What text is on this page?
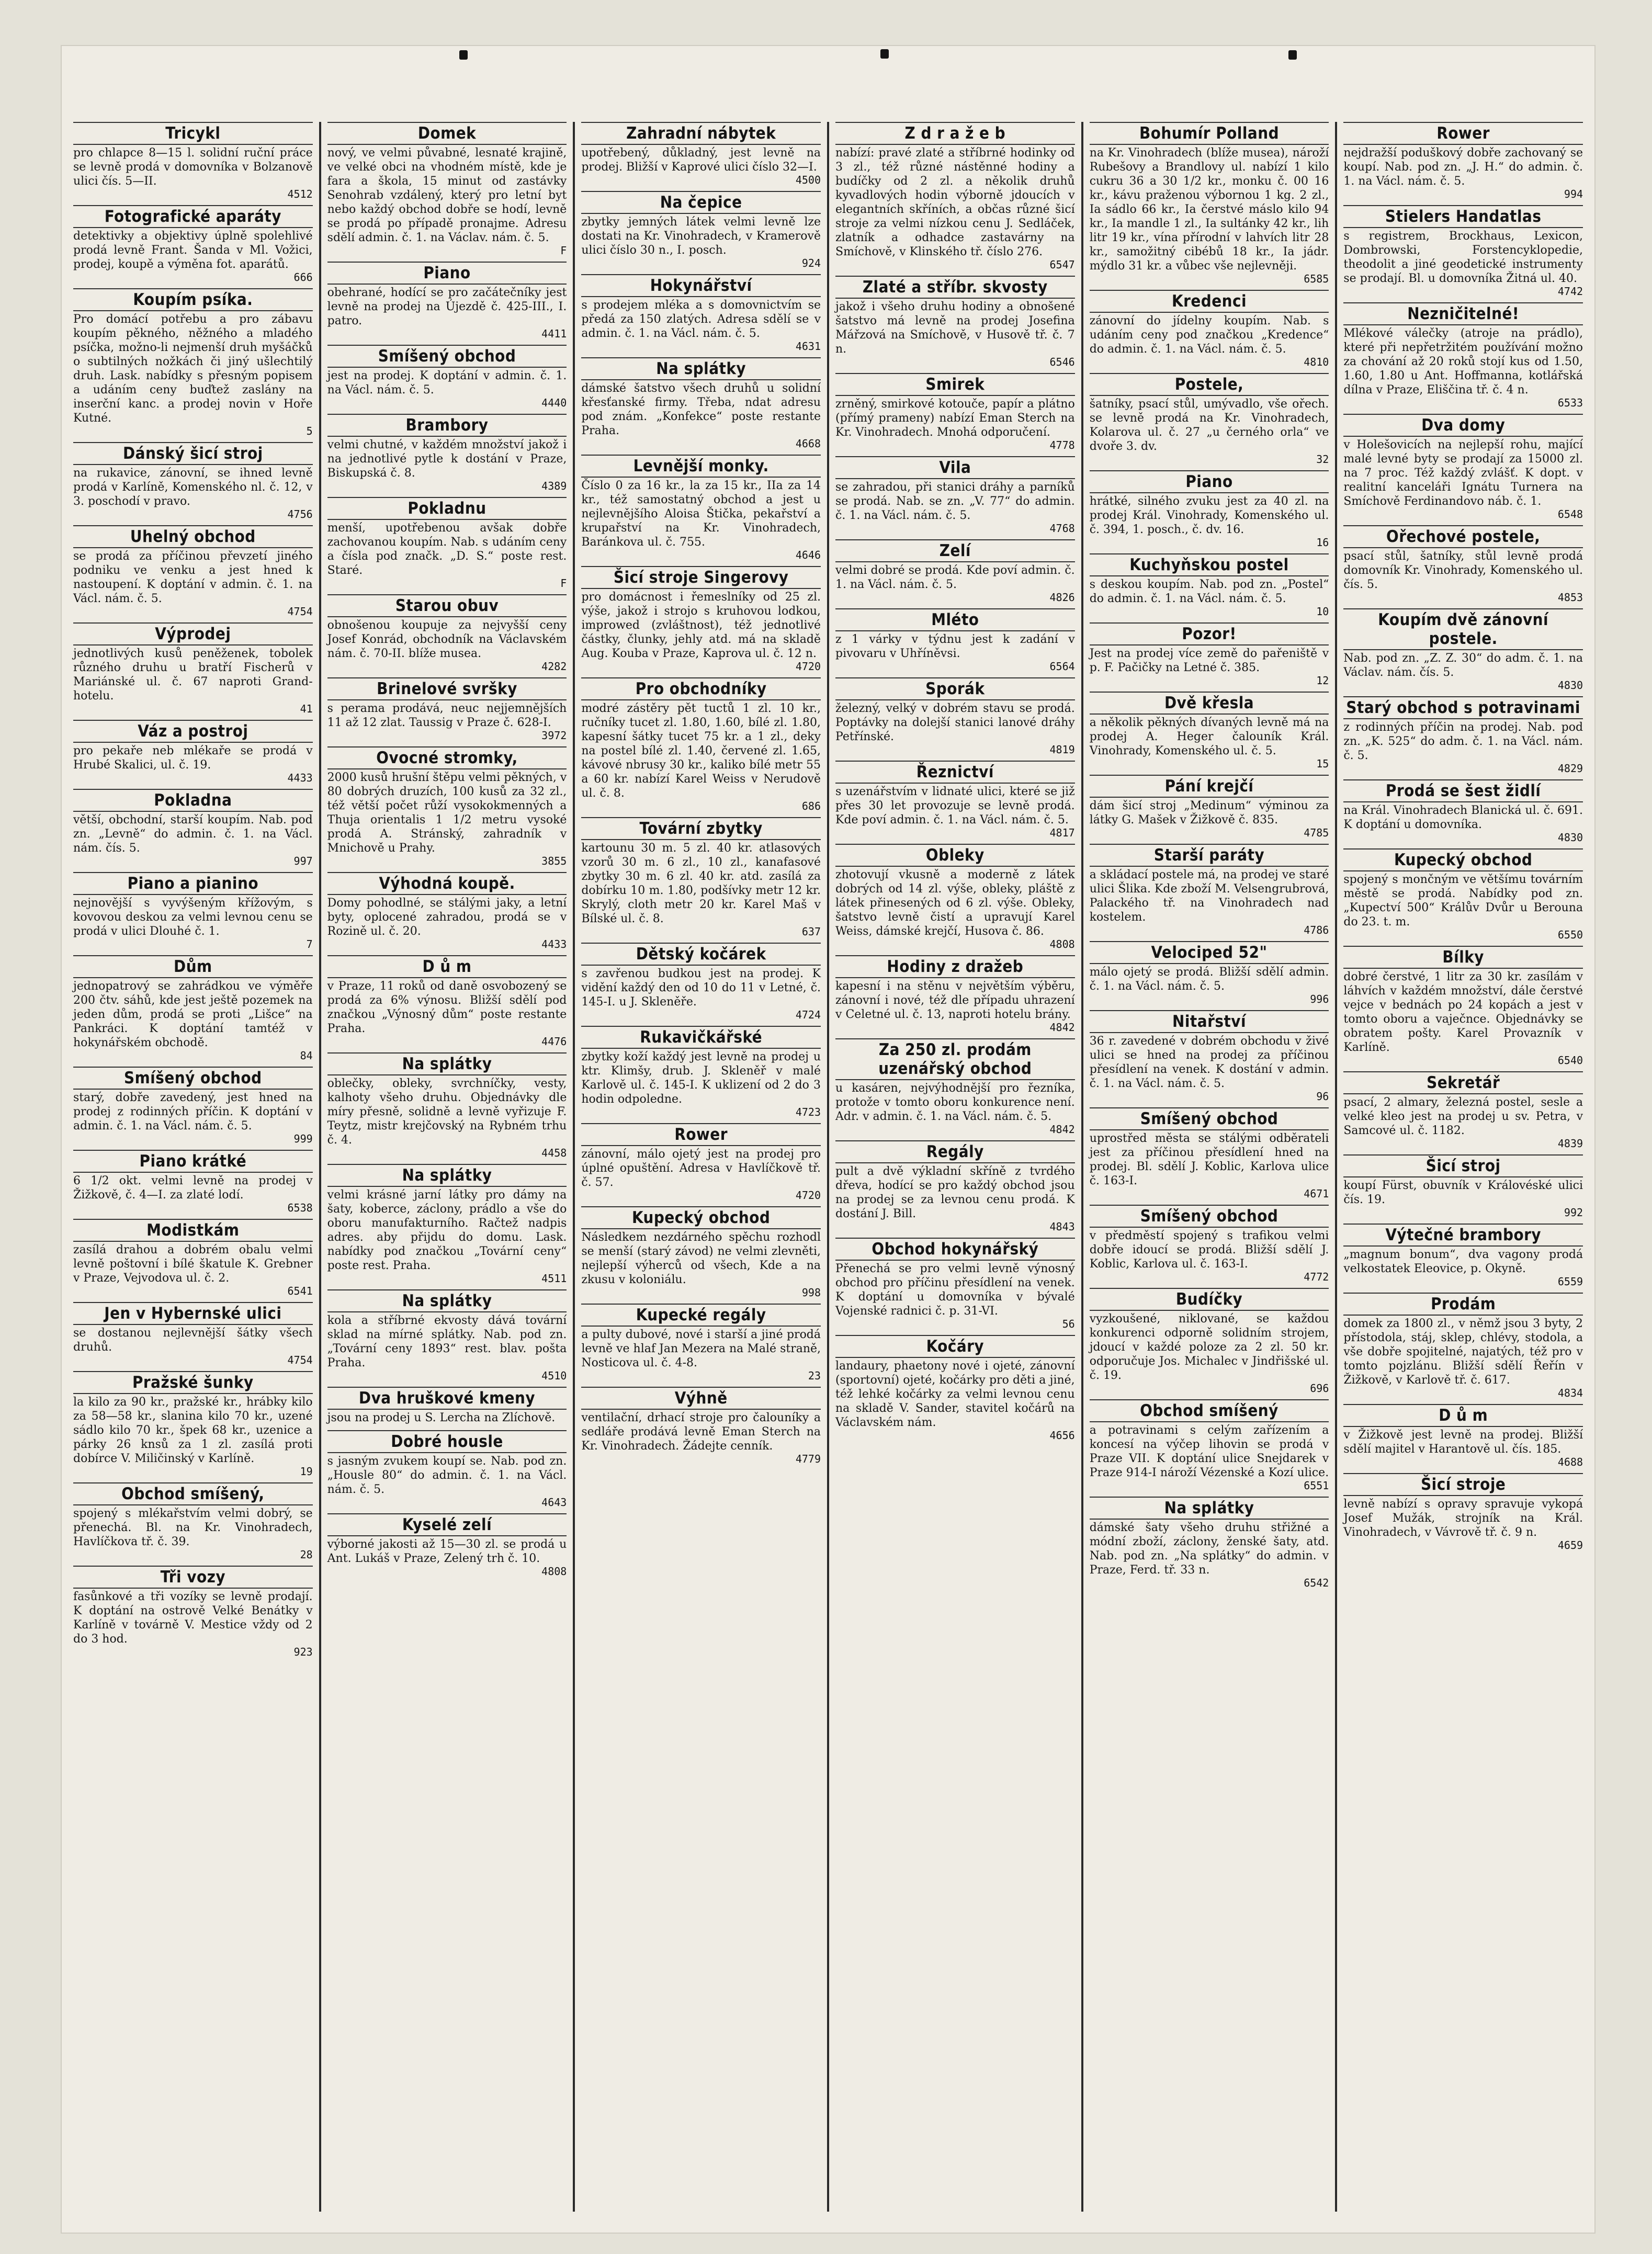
Tricykl

pro chlapce 8—15 l. solidní ruční práce se levně prodá v domovníka v Bolzanově ulici čís. 5—II.

4512
Fotografické aparáty

detektivky a objektivy úplně spolehlivé prodá levně Frant. Šanda v Ml. Vožici, prodej, koupě a výměna fot. aparátů.

666
Koupím psíka.

Pro domácí potřebu a pro zábavu koupím pěkného, něžného a mladého psíčka, možno-li nejmenší druh myšáčků o subtilných nožkách či jiný ušlechtilý druh. Lask. nabídky s přesným popisem a udáním ceny buďtež zaslány na inserční kanc. a prodej novin v Hoře Kutné.

5
Dánský šicí stroj

na rukavice, zánovní, se ihned levně prodá v Karlíně, Komenského nl. č. 12, v 3. poschodí v pravo.

4756
Uhelný obchod

se prodá za příčinou převzetí jiného podniku ve venku a jest hned k nastoupení. K doptání v admin. č. 1. na Václ. nám. č. 5.

4754
Výprodej

jednotlivých kusů peněženek, tobolek různého druhu u bratří Fischerů v Mariánské ul. č. 67 naproti Grand-hotelu.

41
Váz a postroj

pro pekaře neb mlékaře se prodá v Hrubé Skalici, ul. č. 19.

4433
Pokladna

větší, obchodní, starší koupím. Nab. pod zn. „Levně“ do admin. č. 1. na Václ. nám. čís. 5.

997
Piano a pianino

nejnovější s vyvýšeným křížovým, s kovovou deskou za velmi levnou cenu se prodá v ulici Dlouhé č. 1.

7
Dům

jednopatrový se zahrádkou ve výměře 200 čtv. sáhů, kde jest ještě pozemek na jeden dům, prodá se proti „Lišce“ na Pankráci. K doptání tamtéž v hokynářském obchodě.

84
Smíšený obchod

starý, dobře zavedený, jest hned na prodej z rodinných příčin. K doptání v admin. č. 1. na Václ. nám. č. 5.

999
Piano krátké

6 1/2 okt. velmi levně na prodej v Žižkově, č. 4—I. za zlaté lodí.

6538
Modistkám

zasílá drahou a dobrém obalu velmi levně poštovní i bílé škatule K. Grebner v Praze, Vejvodova ul. č. 2.

6541
Jen v Hybernské ulici

se dostanou nejlevnější šátky všech druhů.

4754
Pražské šunky

la kilo za 90 kr., pražské kr., hrábky kilo za 58—58 kr., slanina kilo 70 kr., uzené sádlo kilo 70 kr., špek 68 kr., uzenice a párky 26 knsů za 1 zl. zasílá proti dobírce V. Miličinský v Karlíně.

19
Obchod smíšený,

spojený s mlékařstvím velmi dobrý, se přenechá. Bl. na Kr. Vinohradech, Havlíčkova tř. č. 39.

28
Tři vozy

fasůnkové a tři vozíky se levně prodají. K doptání na ostrově Velké Benátky v Karlíně v továrně V. Mestice vždy od 2 do 3 hod.

923
Domek

nový, ve velmi půvabné, lesnaté krajině, ve velké obci na vhodném místě, kde je fara a škola, 15 minut od zastávky Senohrab vzdálený, který pro letní byt nebo každý obchod dobře se hodí, levně se prodá po případě pronajme. Adresu sdělí admin. č. 1. na Václav. nám. č. 5.

F
Piano

obehrané, hodící se pro začátečníky jest levně na prodej na Újezdě č. 425-III., I. patro.

4411
Smíšený obchod

jest na prodej. K doptání v admin. č. 1. na Václ. nám. č. 5.

4440
Brambory

velmi chutné, v každém množství jakož i na jednotlivé pytle k dostání v Praze, Biskupská č. 8.

4389
Pokladnu

menší, upotřebenou avšak dobře zachovanou koupím. Nab. s udáním ceny a čísla pod značk. „D. S.“ poste rest. Staré.

F
Starou obuv

obnošenou koupuje za nejvyšší ceny Josef Konrád, obchodník na Václavském nám. č. 70-II. blíže musea.

4282
Brinelové svršky

s perama prodává, neuc nejjemnějších 11 až 12 zlat. Taussig v Praze č. 628-I.

3972
Ovocné stromky,

2000 kusů hrušní štěpu velmi pěkných, v 80 dobrých druzích, 100 kusů za 32 zl., též větší počet růží vysokokmenných a Thuja orientalis 1 1/2 metru vysoké prodá A. Stránský, zahradník v Mnichově u Prahy.

3855
Výhodná koupě.

Domy pohodlné, se stálými jaky, a letní byty, oplocené zahradou, prodá se v Rozině ul. č. 20.

4433
D ů m

v Praze, 11 roků od daně osvobozený se prodá za 6% výnosu. Bližší sdělí pod značkou „Výnosný dům“ poste restante Praha.

4476
Na splátky

oblečky, obleky, svrchníčky, vesty, kalhoty všeho druhu. Objednávky dle míry přesně, solidně a levně vyřizuje F. Teytz, mistr krejčovský na Rybném trhu č. 4.

4458
Na splátky

velmi krásné jarní látky pro dámy na šaty, koberce, záclony, prádlo a vše do oboru manufakturního. Račtež nadpis adres. aby přijdu do domu. Lask. nabídky pod značkou „Tovární ceny“ poste rest. Praha.

4511
Na splátky

kola a stříbrné ekvosty dává tovární sklad na mírné splátky. Nab. pod zn. „Tovární ceny 1893“ rest. blav. pošta Praha.

4510
Dva hruškové kmeny

jsou na prodej u S. Lercha na Zlíchově.

Dobré housle

s jasným zvukem koupí se. Nab. pod zn. „Housle 80“ do admin. č. 1. na Václ. nám. č. 5.

4643
Kyselé zelí

výborné jakosti až 15—30 zl. se prodá u Ant. Lukáš v Praze, Zelený trh č. 10.

4808
Zahradní nábytek

upotřebený, důkladný, jest levně na prodej. Bližší v Kaprové ulici číslo 32—I.

4500
Na čepice

zbytky jemných látek velmi levně lze dostati na Kr. Vinohradech, v Kramerově ulici číslo 30 n., I. posch.

924
Hokynářství

s prodejem mléka a s domovnictvím se předá za 150 zlatých. Adresa sdělí se v admin. č. 1. na Václ. nám. č. 5.

4631
Na splátky

dámské šatstvo všech druhů u solidní křesťanské firmy. Třeba, ndat adresu pod znám. „Konfekce“ poste restante Praha.

4668
Levnější monky.

Číslo 0 za 16 kr., la za 15 kr., IIa za 14 kr., též samostatný obchod a jest u nejlevnějšího Aloisa Štička, pekařství a krupařství na Kr. Vinohradech, Baránkova ul. č. 755.

4646
Šicí stroje Singerovy

pro domácnost i řemeslníky od 25 zl. výše, jakož i strojo s kruhovou lodkou, improwed (zvláštnost), též jednotlivé částky, člunky, jehly atd. má na skladě Aug. Kouba v Praze, Kaprova ul. č. 12 n.

4720
Pro obchodníky

modré zástěry pět tuctů 1 zl. 10 kr., ručníky tucet zl. 1.80, 1.60, bílé zl. 1.80, kapesní šátky tucet 75 kr. a 1 zl., deky na postel bílé zl. 1.40, červené zl. 1.65, kávové nbrusy 30 kr., kaliko bílé metr 55 a 60 kr. nabízí Karel Weiss v Nerudově ul. č. 8.

686
Tovární zbytky

kartounu 30 m. 5 zl. 40 kr. atlasových vzorů 30 m. 6 zl., 10 zl., kanafasové zbytky 30 m. 6 zl. 40 kr. atd. zasílá za dobírku 10 m. 1.80, podšívky metr 12 kr. Skrylý, cloth metr 20 kr. Karel Maš v Bílské ul. č. 8.

637
Dětský kočárek

s zavřenou budkou jest na prodej. K vidění každý den od 10 do 11 v Letné, č. 145-I. u J. Skleněře.

4724
Rukavičkářské

zbytky koží každý jest levně na prodej u ktr. Klimšy, drub. J. Skleněř v malé Karlově ul. č. 145-I. K uklizení od 2 do 3 hodin odpoledne.

4723
Rower

zánovní, málo ojetý jest na prodej pro úplné opuštění. Adresa v Havlíčkově tř. č. 57.

4720
Kupecký obchod

Následkem nezdárného spěchu rozhodl se menší (starý závod) ne velmi zlevněti, nejlepší výherců od všech, Kde a na zkusu v koloniálu.

998
Kupecké regály

a pulty dubové, nové i starší a jiné prodá levně ve hlaf Jan Mezera na Malé straně, Nosticova ul. č. 4-8.

23
Výhně

ventilační, drhací stroje pro čalouníky a sedláře prodává levně Eman Sterch na Kr. Vinohradech. Žádejte cenník.

4779
Z d r a ž e b

nabízí: pravé zlaté a stříbrné hodinky od 3 zl., též různé nástěnné hodiny a budíčky od 2 zl. a několik druhů kyvadlových hodin výborně jdoucích v elegantních skříních, a občas různé šicí stroje za velmi nízkou cenu J. Sedláček, zlatník a odhadce zastavárny na Smíchově, v Klinského tř. číslo 276.

6547
Zlaté a stříbr. skvosty

jakož i všeho druhu hodiny a obnošené šatstvo má levně na prodej Josefina Mářzová na Smíchově, v Husově tř. č. 7 n.

6546
Smirek

zrněný, smirkové kotouče, papír a plátno (přímý prameny) nabízí Eman Sterch na Kr. Vinohradech. Mnohá odporučení.

4778
Vila

se zahradou, při stanici dráhy a parníků se prodá. Nab. se zn. „V. 77“ do admin. č. 1. na Václ. nám. č. 5.

4768
Zelí

velmi dobré se prodá. Kde poví admin. č. 1. na Václ. nám. č. 5.

4826
Mléto

z 1 várky v týdnu jest k zadání v pivovaru v Uhříněvsi.

6564
Sporák

železný, velký v dobrém stavu se prodá. Poptávky na dolejší stanici lanové dráhy Petřínské.

4819
Řeznictví

s uzenářstvím v lidnaté ulici, které se již přes 30 let provozuje se levně prodá. Kde poví admin. č. 1. na Václ. nám. č. 5.

4817
Obleky

zhotovují vkusně a moderně z látek dobrých od 14 zl. výše, obleky, pláště z látek přinesených od 6 zl. výše. Obleky, šatstvo levně čistí a upravují Karel Weiss, dámské krejčí, Husova č. 86.

4808
Hodiny z dražeb

kapesní i na stěnu v největším výběru, zánovní i nové, též dle případu uhrazení v Celetné ul. č. 13, naproti hotelu brány.

4842
Za 250 zl. prodám uzenářský obchod

u kasáren, nejvýhodnější pro řezníka, protože v tomto oboru konkurence není. Adr. v admin. č. 1. na Václ. nám. č. 5.

4842
Regály

pult a dvě výkladní skříně z tvrdého dřeva, hodící se pro každý obchod jsou na prodej se za levnou cenu prodá. K dostání J. Bill.

4843
Obchod hokynářský

Přenechá se pro velmi levně výnosný obchod pro příčinu přesídlení na venek. K doptání u domovníka v bývalé Vojenské radnici č. p. 31-VI.

56
Kočáry

landaury, phaetony nové i ojeté, zánovní (sportovní) ojeté, kočárky pro děti a jiné, též lehké kočárky za velmi levnou cenu na skladě V. Sander, stavitel kočárů na Václavském nám.

4656
Bohumír Polland

na Kr. Vinohradech (blíže musea), nároží Rubešovy a Brandlovy ul. nabízí 1 kilo cukru 36 a 30 1/2 kr., monku č. 00 16 kr., kávu praženou výbornou 1 kg. 2 zl., Ia sádlo 66 kr., Ia čerstvé máslo kilo 94 kr., Ia mandle 1 zl., Ia sultánky 42 kr., lih litr 19 kr., vína přírodní v lahvích litr 28 kr., samožitný cibébů 18 kr., Ia jádr. mýdlo 31 kr. a vůbec vše nejlevněji.

6585
Kredenci

zánovní do jídelny koupím. Nab. s udáním ceny pod značkou „Kredence“ do admin. č. 1. na Václ. nám. č. 5.

4810
Postele,

šatníky, psací stůl, umývadlo, vše ořech. se levně prodá na Kr. Vinohradech, Kolarova ul. č. 27 „u černého orla“ ve dvoře 3. dv.

32
Piano

hrátké, silného zvuku jest za 40 zl. na prodej Král. Vinohrady, Komenského ul. č. 394, 1. posch., č. dv. 16.

16
Kuchyňskou postel

s deskou koupím. Nab. pod zn. „Postel“ do admin. č. 1. na Václ. nám. č. 5.

10
Pozor!

Jest na prodej více země do pařeniště v p. F. Pačičky na Letné č. 385.

12
Dvě křesla

a několik pěkných dívaných levně má na prodej A. Heger čalouník Král. Vinohrady, Komenského ul. č. 5.

15
Pání krejčí

dám šicí stroj „Medinum“ výminou za látky G. Mašek v Žižkově č. 835.

4785
Starší paráty

a skládací postele má, na prodej ve staré ulici Šlika. Kde zboží M. Velsengrubrová, Palackého tř. na Vinohradech nad kostelem.

4786
Velociped 52"

málo ojetý se prodá. Bližší sdělí admin. č. 1. na Václ. nám. č. 5.

996
Nitařství

36 r. zavedené v dobrém obchodu v živé ulici se hned na prodej za příčinou přesídlení na venek. K dostání v admin. č. 1. na Václ. nám. č. 5.

96
Smíšený obchod

uprostřed města se stálými odběrateli jest za příčinou přesídlení hned na prodej. Bl. sdělí J. Koblic, Karlova ulice č. 163-I.

4671
Smíšený obchod

v předměstí spojený s trafikou velmi dobře idoucí se prodá. Bližší sdělí J. Koblic, Karlova ul. č. 163-I.

4772
Budíčky

vyzkoušené, niklované, se každou konkurenci odporně solidním strojem, jdoucí v každé poloze za 2 zl. 50 kr. odporučuje Jos. Michalec v Jindřišské ul. č. 19.

696
Obchod smíšený

a potravinami s celým zařízením a koncesí na výčep lihovin se prodá v Praze VII. K doptání ulice Snejdarek v Praze 914-I nároží Vézenské a Kozí ulice.

6551
Na splátky

dámské šaty všeho druhu střižné a módní zboží, záclony, ženské šaty, atd. Nab. pod zn. „Na splátky“ do admin. v Praze, Ferd. tř. 33 n.

6542
Rower

nejdražší poduškový dobře zachovaný se koupí. Nab. pod zn. „J. H.“ do admin. č. 1. na Václ. nám. č. 5.

994
Stielers Handatlas

s registrem, Brockhaus, Lexicon, Dombrowski, Forstencyklopedie, theodolit a jiné geodetické instrumenty se prodají. Bl. u domovníka Žitná ul. 40.

4742
Nezničitelné!

Mlékové válečky (atroje na prádlo), které při nepřetržitém používání možno za chování až 20 roků stojí kus od 1.50, 1.60, 1.80 u Ant. Hoffmanna, kotlářská dílna v Praze, Eliščina tř. č. 4 n.

6533
Dva domy

v Holešovicích na nejlepší rohu, mající malé levné byty se prodají za 15000 zl. na 7 proc. Též každý zvlášť. K dopt. v realitní kanceláři Ignátu Turnera na Smíchově Ferdinandovo náb. č. 1.

6548
Ořechové postele,

psací stůl, šatníky, stůl levně prodá domovník Kr. Vinohrady, Komenského ul. čís. 5.

4853
Koupím dvě zánovní postele.

Nab. pod zn. „Z. Z. 30“ do adm. č. 1. na Václav. nám. čís. 5.

4830
Starý obchod s potravinami

z rodinných příčin na prodej. Nab. pod zn. „K. 525“ do adm. č. 1. na Václ. nám. č. 5.

4829
Prodá se šest židlí

na Král. Vinohradech Blanická ul. č. 691. K doptání u domovníka.

4830
Kupecký obchod

spojený s mončným ve většímu továrním městě se prodá. Nabídky pod zn. „Kupectví 500“ Králův Dvůr u Berouna do 23. t. m.

6550
Bílky

dobré čerstvé, 1 litr za 30 kr. zasílám v láhvích v každém množství, dále čerstvé vejce v bednách po 24 kopách a jest v tomto oboru a vaječnce. Objednávky se obratem pošty. Karel Provazník v Karlíně.

6540
Sekretář

psací, 2 almary, železná postel, sesle a velké kleo jest na prodej u sv. Petra, v Samcové ul. č. 1182.

4839
Šicí stroj

koupí Fürst, obuvník v Královéské ulici čís. 19.

992
Výtečné brambory

„magnum bonum“, dva vagony prodá velkostatek Eleovice, p. Okyně.

6559
Prodám

domek za 1800 zl., v němž jsou 3 byty, 2 přístodola, stáj, sklep, chlévy, stodola, a vše dobře spojitelné, najatých, též pro v tomto pojzlánu. Bližší sdělí Řeřín v Žižkově, v Karlově tř. č. 617.

4834
D ů m

v Žižkově jest levně na prodej. Bližší sdělí majitel v Harantově ul. čís. 185.

4688
Šicí stroje

levně nabízí s opravy spravuje vykopá Josef Mužák, strojník na Král. Vinohradech, v Vávrově tř. č. 9 n.

4659
